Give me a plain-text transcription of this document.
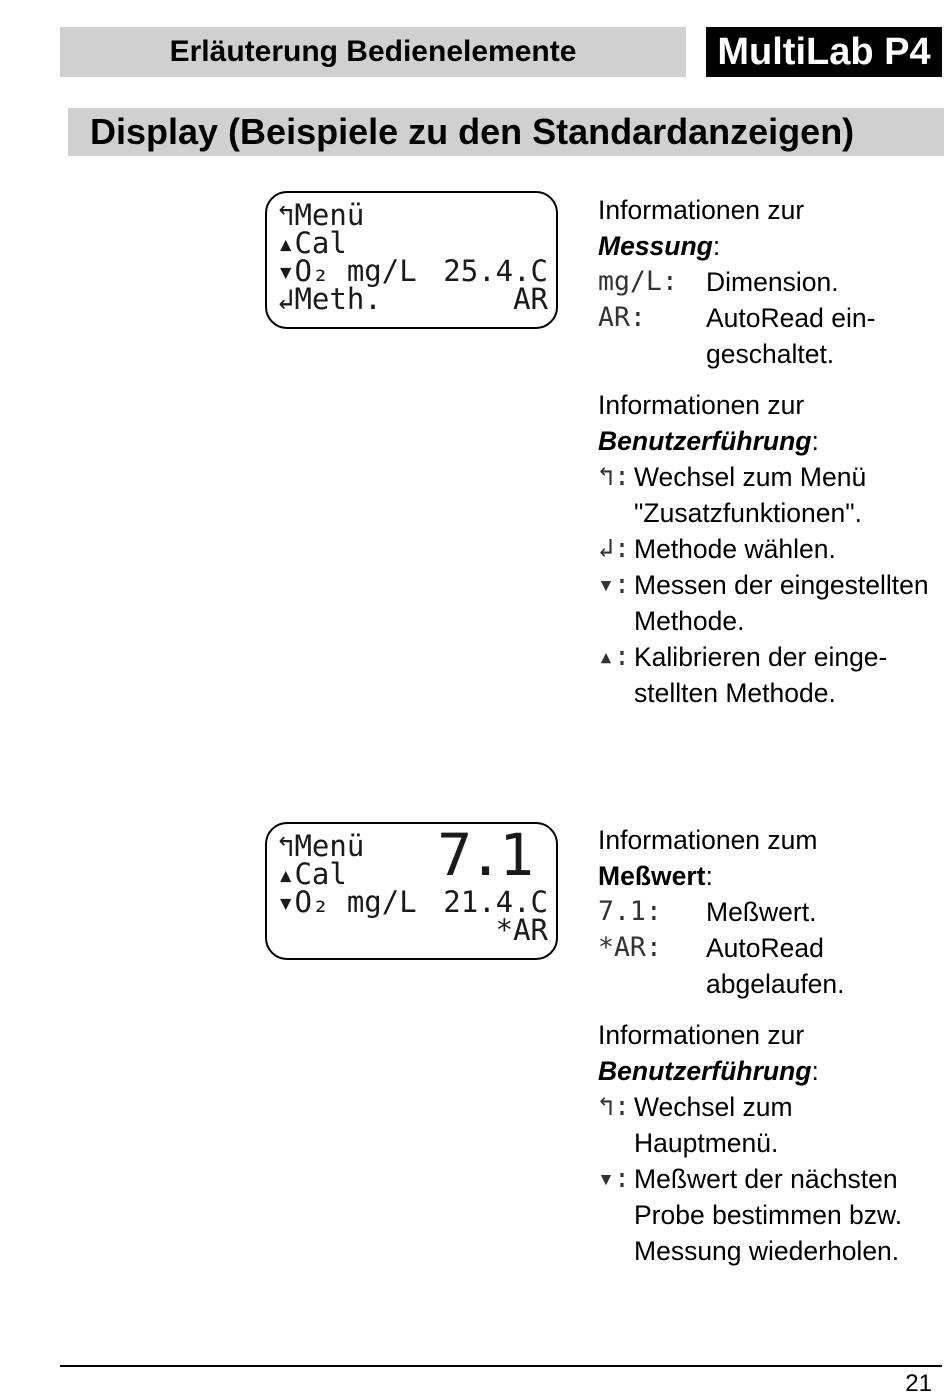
Erläuterung Bedienelemente	MultiLab P4
Display (Beispiele zu den Standardanzeigen)
↰Menü
▴Cal
▾O₂ mg/L 25.4.C
↲Meth.	AR
Informationen zur
Messung:
mg/L:	Dimension.
AR:	AutoRead ein-
geschaltet.
Informationen zur
Benutzerführung:
↰: Wechsel zum Menü
"Zusatzfunktionen".
↲: Methode wählen.
▾: Messen der eingestellten
Methode.
▴: Kalibrieren der einge-
stellten Methode.
↰Menü 7.1
▴Cal
▾O₂ mg/L 21.4.C
*AR
Informationen zum
Meßwert:
7.1:	Meßwert.
*AR:	AutoRead
abgelaufen.
Informationen zur
Benutzerführung:
↰: Wechsel zum
Hauptmenü.
▾: Meßwert der nächsten
Probe bestimmen bzw.
Messung wiederholen.
21
